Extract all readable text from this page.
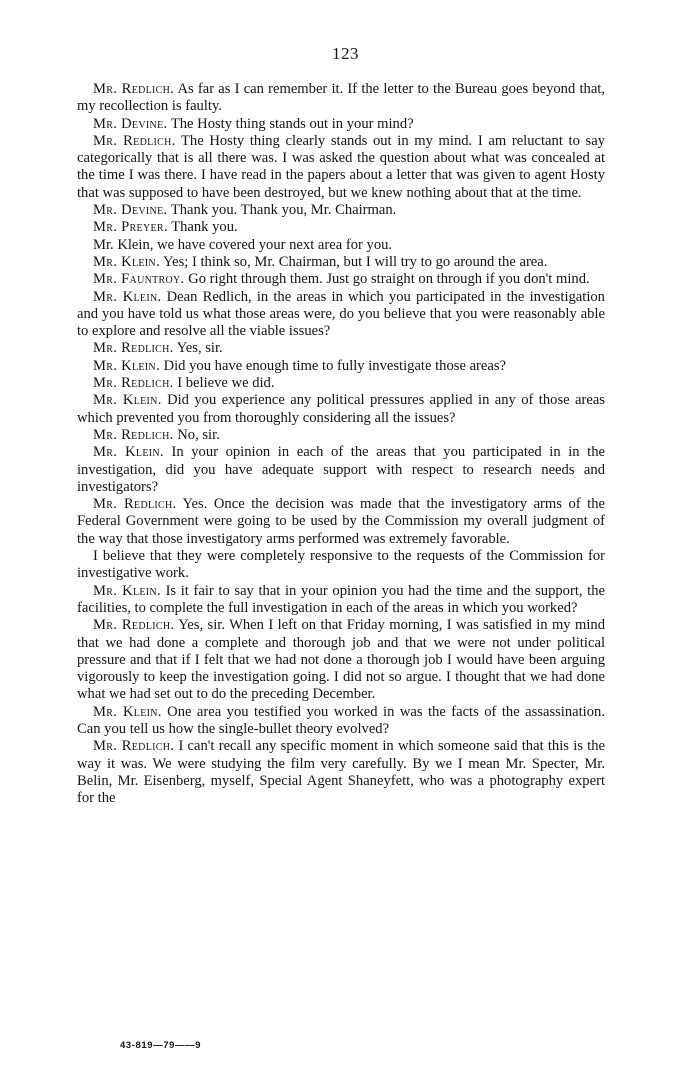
123

Mr. Redlich. As far as I can remember it. If the letter to the Bureau goes beyond that, my recollection is faulty.

Mr. Devine. The Hosty thing stands out in your mind?

Mr. Redlich. The Hosty thing clearly stands out in my mind. I am reluctant to say categorically that is all there was. I was asked the question about what was concealed at the time I was there. I have read in the papers about a letter that was given to agent Hosty that was supposed to have been destroyed, but we knew nothing about that at the time.

Mr. Devine. Thank you. Thank you, Mr. Chairman.

Mr. Preyer. Thank you.

Mr. Klein, we have covered your next area for you.

Mr. Klein. Yes; I think so, Mr. Chairman, but I will try to go around the area.

Mr. Fauntroy. Go right through them. Just go straight on through if you don't mind.

Mr. Klein. Dean Redlich, in the areas in which you participated in the investigation and you have told us what those areas were, do you believe that you were reasonably able to explore and resolve all the viable issues?

Mr. Redlich. Yes, sir.

Mr. Klein. Did you have enough time to fully investigate those areas?

Mr. Redlich. I believe we did.

Mr. Klein. Did you experience any political pressures applied in any of those areas which prevented you from thoroughly considering all the issues?

Mr. Redlich. No, sir.

Mr. Klein. In your opinion in each of the areas that you participated in in the investigation, did you have adequate support with respect to research needs and investigators?

Mr. Redlich. Yes. Once the decision was made that the investigatory arms of the Federal Government were going to be used by the Commission my overall judgment of the way that those investigatory arms performed was extremely favorable.

I believe that they were completely responsive to the requests of the Commission for investigative work.

Mr. Klein. Is it fair to say that in your opinion you had the time and the support, the facilities, to complete the full investigation in each of the areas in which you worked?

Mr. Redlich. Yes, sir. When I left on that Friday morning, I was satisfied in my mind that we had done a complete and thorough job and that we were not under political pressure and that if I felt that we had not done a thorough job I would have been arguing vigorously to keep the investigation going. I did not so argue. I thought that we had done what we had set out to do the preceding December.

Mr. Klein. One area you testified you worked in was the facts of the assassination. Can you tell us how the single-bullet theory evolved?

Mr. Redlich. I can't recall any specific moment in which someone said that this is the way it was. We were studying the film very carefully. By we I mean Mr. Specter, Mr. Belin, Mr. Eisenberg, myself, Special Agent Shaneyfett, who was a photography expert for the

43-819—79——9
